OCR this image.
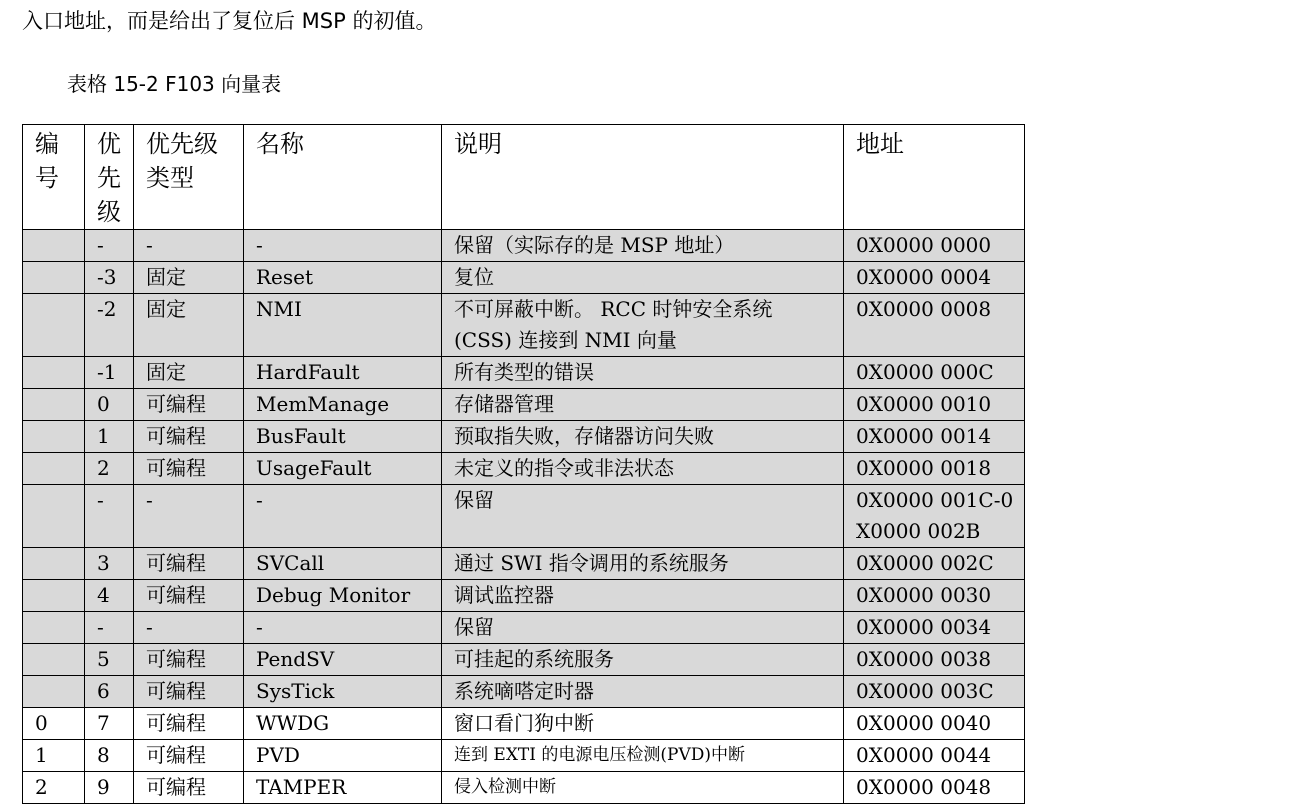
入口地址，而是给出了复位后 MSP 的初值。
表格 15-2 F103 向量表
编号	优先级	优先级类型	名称	说明	地址
	-	-	-	保留（实际存的是 MSP 地址）	0X0000 0000
	-3	固定	Reset	复位	0X0000 0004
	-2	固定	NMI	不可屏蔽中断。 RCC 时钟安全系统 (CSS) 连接到 NMI 向量	0X0000 0008
	-1	固定	HardFault	所有类型的错误	0X0000 000C
	0	可编程	MemManage	存储器管理	0X0000 0010
	1	可编程	BusFault	预取指失败，存储器访问失败	0X0000 0014
	2	可编程	UsageFault	未定义的指令或非法状态	0X0000 0018
	-	-	-	保留	0X0000 001C-0X0000 002B
	3	可编程	SVCall	通过 SWI 指令调用的系统服务	0X0000 002C
	4	可编程	Debug Monitor	调试监控器	0X0000 0030
	-	-	-	保留	0X0000 0034
	5	可编程	PendSV	可挂起的系统服务	0X0000 0038
	6	可编程	SysTick	系统嘀嗒定时器	0X0000 003C
0	7	可编程	WWDG	窗口看门狗中断	0X0000 0040
1	8	可编程	PVD	连到 EXTI 的电源电压检测(PVD)中断	0X0000 0044
2	9	可编程	TAMPER	侵入检测中断	0X0000 0048
